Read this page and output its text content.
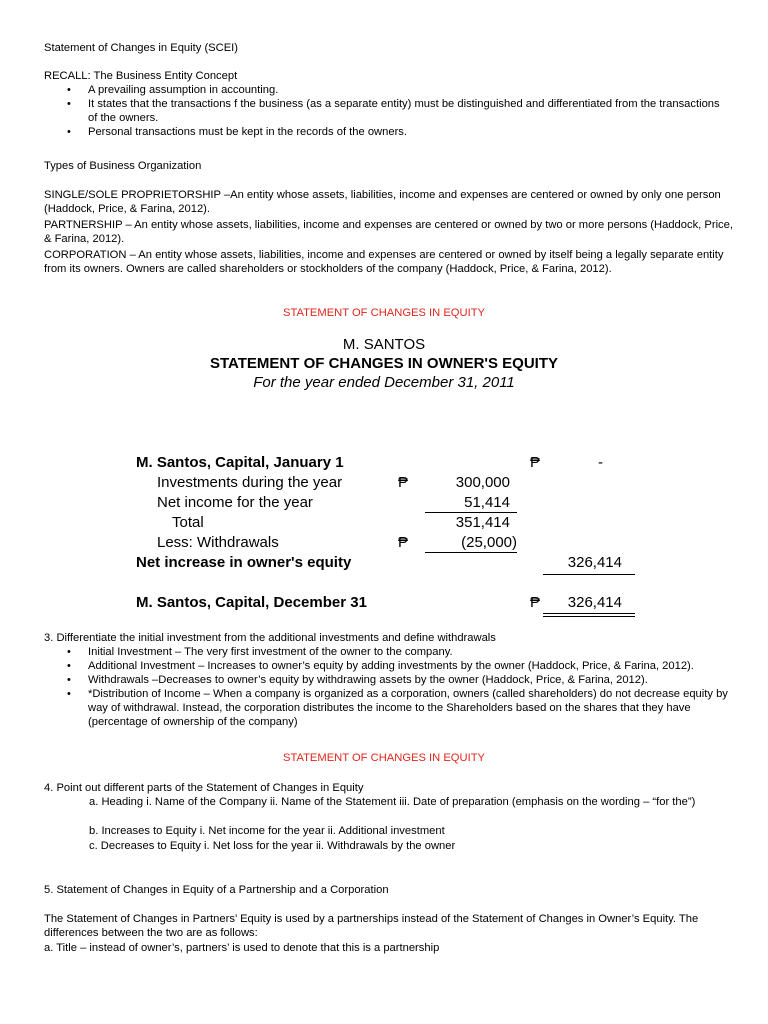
Statement of Changes in Equity (SCEI)
RECALL: The Business Entity Concept
• A prevailing assumption in accounting.
• It states that the transactions f the business (as a separate entity) must be distinguished and differentiated from the transactions of the owners.
• Personal transactions must be kept in the records of the owners.
Types of Business Organization
SINGLE/SOLE PROPRIETORSHIP –An entity whose assets, liabilities, income and expenses are centered or owned by only one person (Haddock, Price, & Farina, 2012).
PARTNERSHIP – An entity whose assets, liabilities, income and expenses are centered or owned by two or more persons (Haddock, Price, & Farina, 2012).
CORPORATION – An entity whose assets, liabilities, income and expenses are centered or owned by itself being a legally separate entity from its owners. Owners are called shareholders or stockholders of the company (Haddock, Price, & Farina, 2012).
STATEMENT OF CHANGES IN EQUITY
M. SANTOS
STATEMENT OF CHANGES IN OWNER'S EQUITY
For the year ended December 31, 2011
M. Santos, Capital, January 1	₱	-
Investments during the year	₱	300,000
Net income for the year	51,414
Total	351,414
Less: Withdrawals	₱	(25,000)
Net increase in owner's equity	326,414
M. Santos, Capital, December 31	₱	326,414
3. Differentiate the initial investment from the additional investments and define withdrawals
• Initial Investment – The very first investment of the owner to the company.
• Additional Investment – Increases to owner’s equity by adding investments by the owner (Haddock, Price, & Farina, 2012).
• Withdrawals –Decreases to owner’s equity by withdrawing assets by the owner (Haddock, Price, & Farina, 2012).
• *Distribution of Income – When a company is organized as a corporation, owners (called shareholders) do not decrease equity by way of withdrawal. Instead, the corporation distributes the income to the Shareholders based on the shares that they have (percentage of ownership of the company)
STATEMENT OF CHANGES IN EQUITY
4. Point out different parts of the Statement of Changes in Equity
a. Heading i. Name of the Company ii. Name of the Statement iii. Date of preparation (emphasis on the wording – “for the”)
b. Increases to Equity i. Net income for the year ii. Additional investment
c. Decreases to Equity i. Net loss for the year ii. Withdrawals by the owner
5. Statement of Changes in Equity of a Partnership and a Corporation
The Statement of Changes in Partners’ Equity is used by a partnerships instead of the Statement of Changes in Owner’s Equity. The differences between the two are as follows:
a. Title – instead of owner’s, partners’ is used to denote that this is a partnership
